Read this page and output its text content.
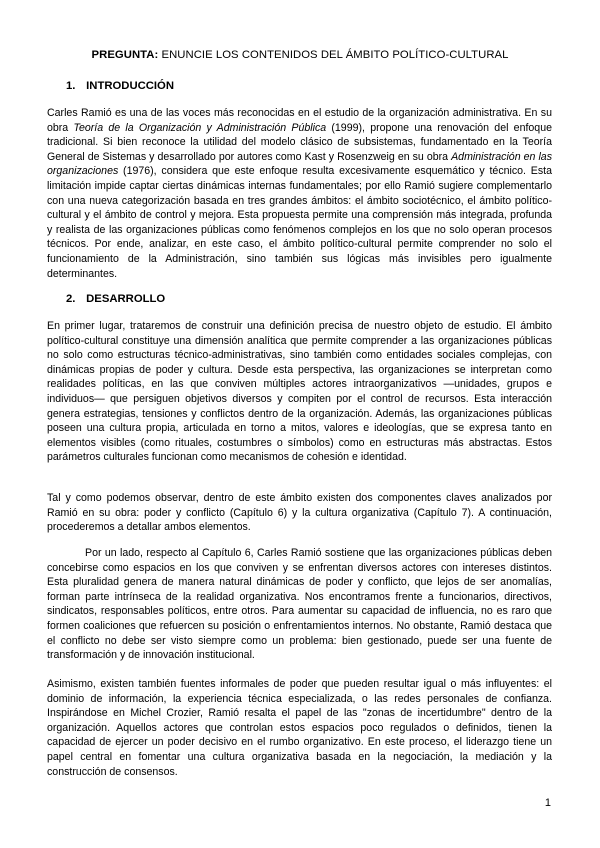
PREGUNTA: ENUNCIE LOS CONTENIDOS DEL ÁMBITO POLÍTICO-CULTURAL
1. INTRODUCCIÓN

Carles Ramió es una de las voces más reconocidas en el estudio de la organización administrativa. En su obra Teoría de la Organización y Administración Pública (1999), propone una renovación del enfoque tradicional. Si bien reconoce la utilidad del modelo clásico de subsistemas, fundamentado en la Teoría General de Sistemas y desarrollado por autores como Kast y Rosenzweig en su obra Administración en las organizaciones (1976), considera que este enfoque resulta excesivamente esquemático y técnico. Esta limitación impide captar ciertas dinámicas internas fundamentales; por ello Ramió sugiere complementarlo con una nueva categorización basada en tres grandes ámbitos: el ámbito sociotécnico, el ámbito político-cultural y el ámbito de control y mejora. Esta propuesta permite una comprensión más integrada, profunda y realista de las organizaciones públicas como fenómenos complejos en los que no solo operan procesos técnicos. Por ende, analizar, en este caso, el ámbito político-cultural permite comprender no solo el funcionamiento de la Administración, sino también sus lógicas más invisibles pero igualmente determinantes.

2. DESARROLLO

En primer lugar, trataremos de construir una definición precisa de nuestro objeto de estudio. El ámbito político-cultural constituye una dimensión analítica que permite comprender a las organizaciones públicas no solo como estructuras técnico-administrativas, sino también como entidades sociales complejas, con dinámicas propias de poder y cultura. Desde esta perspectiva, las organizaciones se interpretan como realidades políticas, en las que conviven múltiples actores intraorganizativos —unidades, grupos e individuos— que persiguen objetivos diversos y compiten por el control de recursos. Esta interacción genera estrategias, tensiones y conflictos dentro de la organización. Además, las organizaciones públicas poseen una cultura propia, articulada en torno a mitos, valores e ideologías, que se expresa tanto en elementos visibles (como rituales, costumbres o símbolos) como en estructuras más abstractas. Estos parámetros culturales funcionan como mecanismos de cohesión e identidad.

Tal y como podemos observar, dentro de este ámbito existen dos componentes claves analizados por Ramió en su obra: poder y conflicto (Capítulo 6) y la cultura organizativa (Capítulo 7). A continuación, procederemos a detallar ambos elementos.

Por un lado, respecto al Capítulo 6, Carles Ramió sostiene que las organizaciones públicas deben concebirse como espacios en los que conviven y se enfrentan diversos actores con intereses distintos. Esta pluralidad genera de manera natural dinámicas de poder y conflicto, que lejos de ser anomalías, forman parte intrínseca de la realidad organizativa. Nos encontramos frente a funcionarios, directivos, sindicatos, responsables políticos, entre otros. Para aumentar su capacidad de influencia, no es raro que formen coaliciones que refuercen su posición o enfrentamientos internos. No obstante, Ramió destaca que el conflicto no debe ser visto siempre como un problema: bien gestionado, puede ser una fuente de transformación y de innovación institucional.

Asimismo, existen también fuentes informales de poder que pueden resultar igual o más influyentes: el dominio de información, la experiencia técnica especializada, o las redes personales de confianza. Inspirándose en Michel Crozier, Ramió resalta el papel de las "zonas de incertidumbre" dentro de la organización. Aquellos actores que controlan estos espacios poco regulados o definidos, tienen la capacidad de ejercer un poder decisivo en el rumbo organizativo. En este proceso, el liderazgo tiene un papel central en fomentar una cultura organizativa basada en la negociación, la mediación y la construcción de consensos.

1
